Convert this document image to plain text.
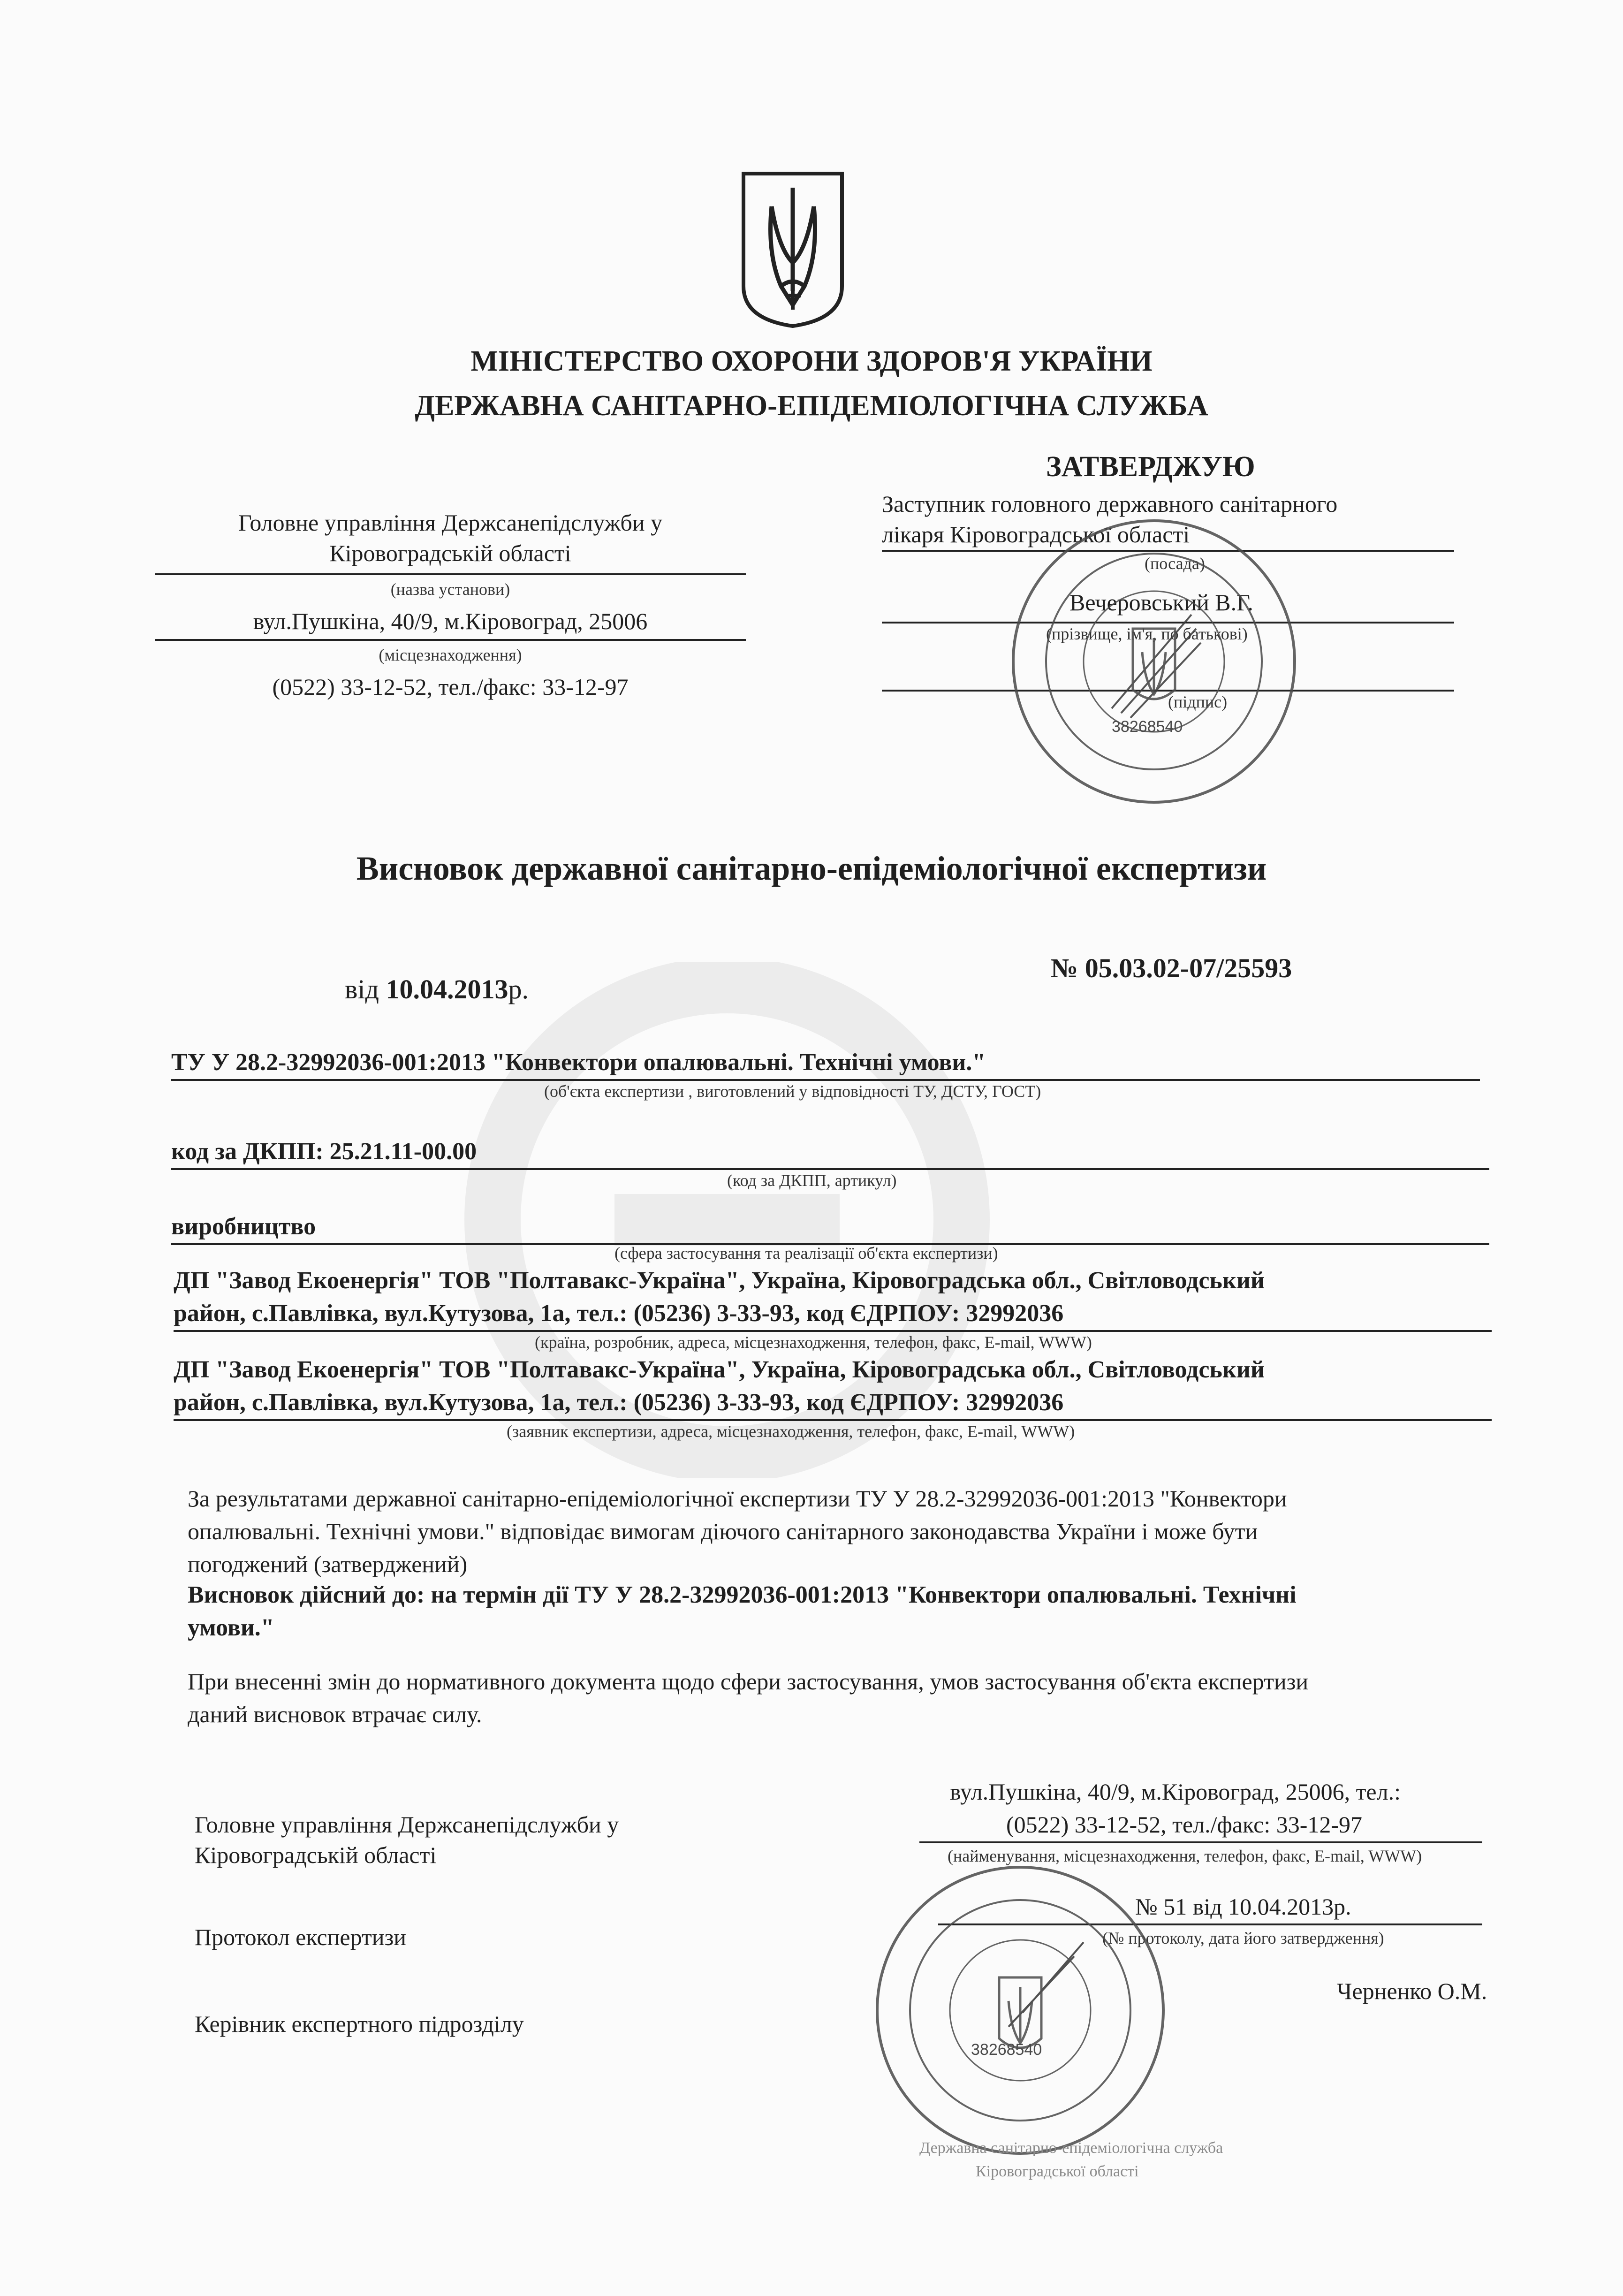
МІНІСТЕРСТВО ОХОРОНИ ЗДОРОВ'Я УКРАЇНИ
ДЕРЖАВНА САНІТАРНО-ЕПІДЕМІОЛОГІЧНА СЛУЖБА
Головне управління Держсанепідслужби у
Кіровоградській області
(назва установи)
вул.Пушкіна, 40/9, м.Кіровоград, 25006
(місцезнаходження)
(0522) 33-12-52, тел./факс: 33-12-97
ЗАТВЕРДЖУЮ
Заступник головного державного санітарного
лікаря Кіровоградської області
(посада)
Вечеровський В.Г.
(прізвище, ім'я, по батькові)
(підпис)
38268540
Висновок державної санітарно-епідеміологічної експертизи
від 10.04.2013р.
№ 05.03.02-07/25593
ТУ У 28.2-32992036-001:2013 "Конвектори опалювальні. Технічні умови."
(об'єкта експертизи , виготовлений у відповідності ТУ, ДСТУ, ГОСТ)
код за ДКПП: 25.21.11-00.00
(код за ДКПП, артикул)
виробництво
(сфера застосування та реалізації об'єкта експертизи)
ДП "Завод Екоенергія" ТОВ "Полтавакс-Україна", Україна, Кіровоградська обл., Світловодський
район, с.Павлівка, вул.Кутузова, 1а, тел.: (05236) 3-33-93, код ЄДРПОУ: 32992036
(країна, розробник, адреса, місцезнаходження, телефон, факс, E-mail, WWW)
ДП "Завод Екоенергія" ТОВ "Полтавакс-Україна", Україна, Кіровоградська обл., Світловодський
район, с.Павлівка, вул.Кутузова, 1а, тел.: (05236) 3-33-93, код ЄДРПОУ: 32992036
(заявник експертизи, адреса, місцезнаходження, телефон, факс, E-mail, WWW)
За результатами державної санітарно-епідеміологічної експертизи ТУ У 28.2-32992036-001:2013 "Конвектори
опалювальні. Технічні умови." відповідає вимогам діючого санітарного законодавства України і може бути
погоджений (затверджений)
Висновок дійсний до: на термін дії ТУ У 28.2-32992036-001:2013 "Конвектори опалювальні. Технічні
умови."
При внесенні змін до нормативного документа щодо сфери застосування, умов застосування об'єкта експертизи
даний висновок втрачає силу.
Головне управління Держсанепідслужби у
Кіровоградській області
вул.Пушкіна, 40/9, м.Кіровоград, 25006, тел.:
(0522) 33-12-52, тел./факс: 33-12-97
(найменування, місцезнаходження, телефон, факс, E-mail, WWW)
Протокол експертизи
№ 51 від 10.04.2013р.
(№ протоколу, дата його затвердження)
Керівник експертного підрозділу
Черненко О.М.
38268540
Державна санітарно-епідеміологічна служба
Кіровоградської області
